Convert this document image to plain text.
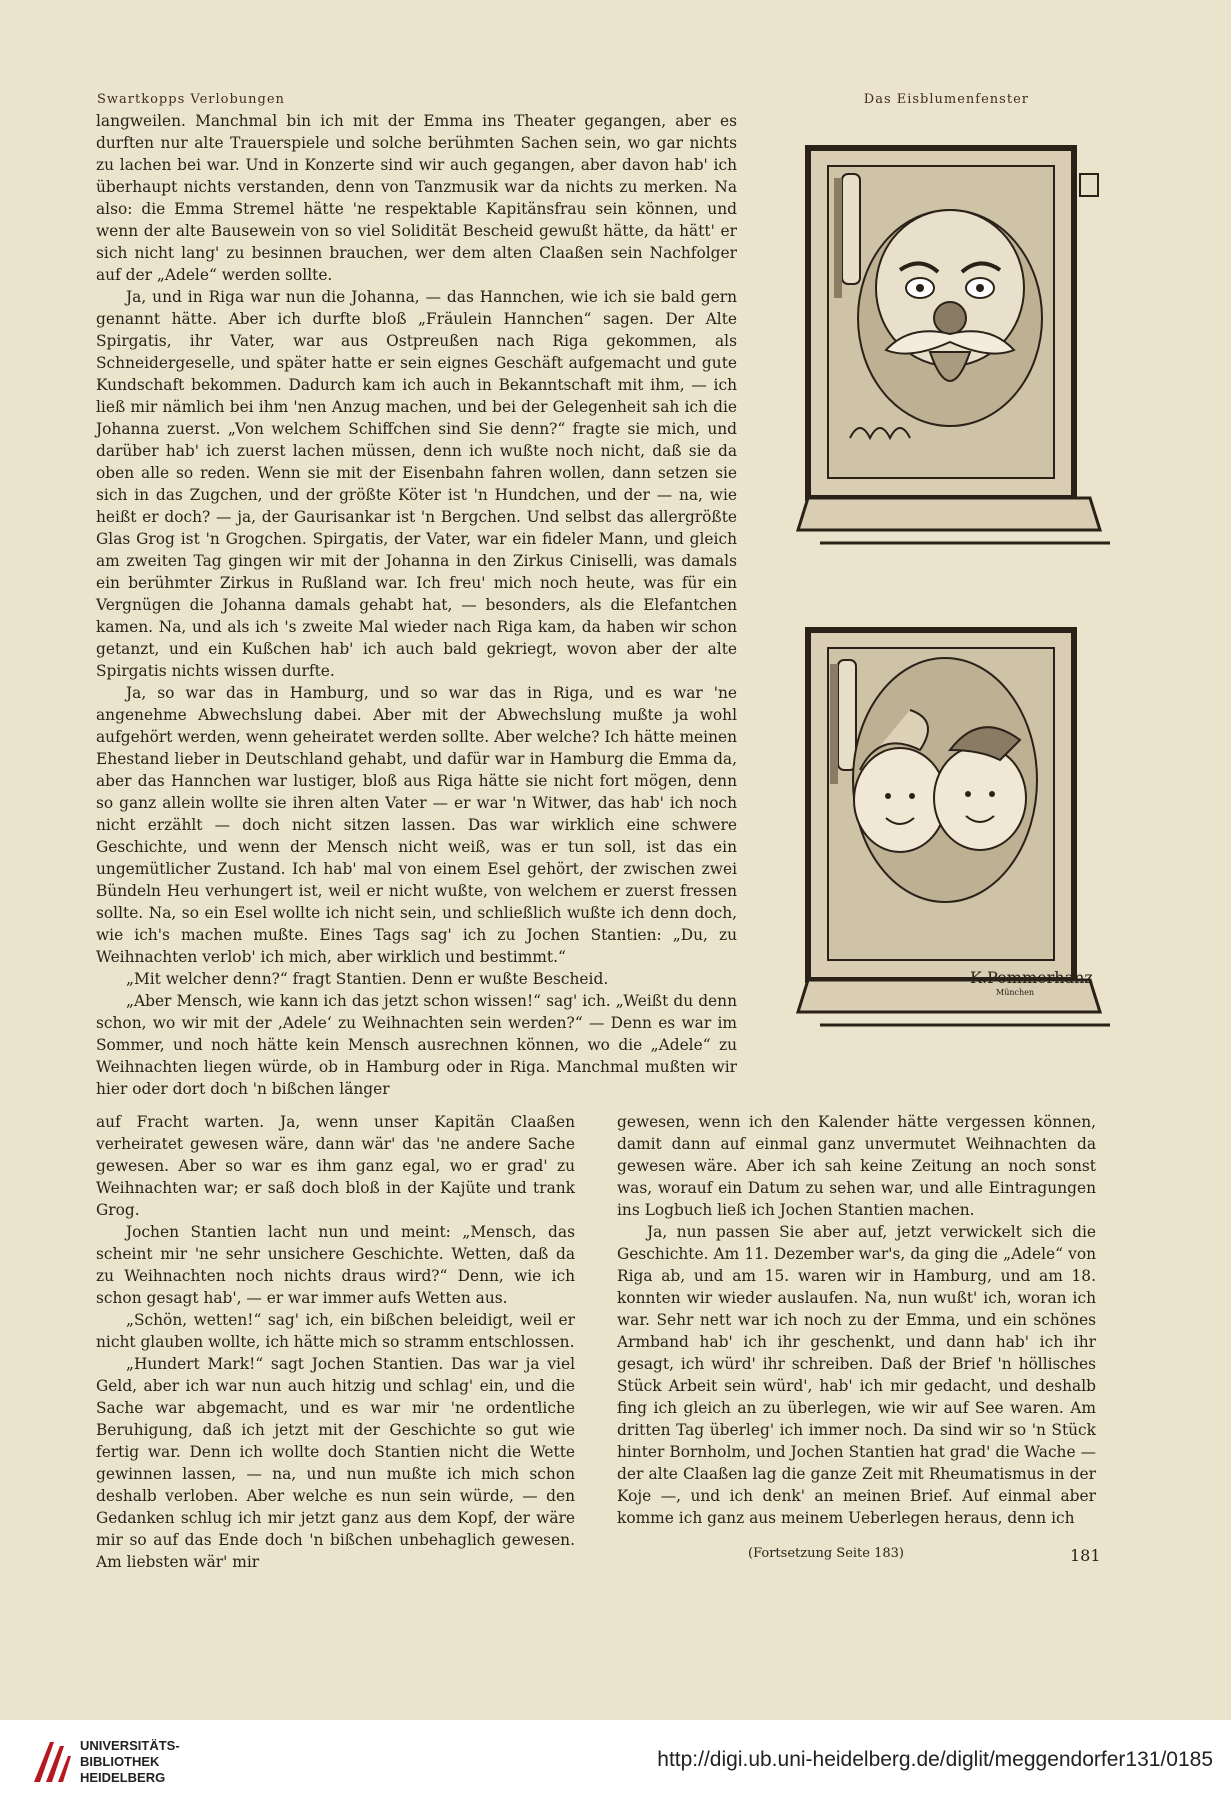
Swartkopps Verlobungen	Das Eisblumenfenster

langweilen. Manchmal bin ich mit der Emma ins Theater gegangen, aber es durften nur alte Trauerspiele und solche berühmten Sachen sein, wo gar nichts zu lachen bei war. Und in Konzerte sind wir auch gegangen, aber davon hab' ich überhaupt nichts verstanden, denn von Tanzmusik war da nichts zu merken. Na also: die Emma Stremel hätte 'ne respektable Kapitänsfrau sein können, und wenn der alte Bausewein von so viel Solidität Bescheid gewußt hätte, da hätt' er sich nicht lang' zu besinnen brauchen, wer dem alten Claaßen sein Nachfolger auf der „Adele“ werden sollte.

Ja, und in Riga war nun die Johanna, — das Hannchen, wie ich sie bald gern genannt hätte. Aber ich durfte bloß „Fräulein Hannchen“ sagen. Der Alte Spirgatis, ihr Vater, war aus Ostpreußen nach Riga gekommen, als Schneidergeselle, und später hatte er sein eignes Geschäft aufgemacht und gute Kundschaft bekommen. Dadurch kam ich auch in Bekanntschaft mit ihm, — ich ließ mir nämlich bei ihm 'nen Anzug machen, und bei der Gelegenheit sah ich die Johanna zuerst. „Von welchem Schiffchen sind Sie denn?“ fragte sie mich, und darüber hab' ich zuerst lachen müssen, denn ich wußte noch nicht, daß sie da oben alle so reden. Wenn sie mit der Eisenbahn fahren wollen, dann setzen sie sich in das Zugchen, und der größte Köter ist 'n Hundchen, und der — na, wie heißt er doch? — ja, der Gaurisankar ist 'n Bergchen. Und selbst das allergrößte Glas Grog ist 'n Grogchen. Spirgatis, der Vater, war ein fideler Mann, und gleich am zweiten Tag gingen wir mit der Johanna in den Zirkus Ciniselli, was damals ein berühmter Zirkus in Rußland war. Ich freu' mich noch heute, was für ein Vergnügen die Johanna damals gehabt hat, — besonders, als die Elefantchen kamen. Na, und als ich 's zweite Mal wieder nach Riga kam, da haben wir schon getanzt, und ein Kußchen hab' ich auch bald gekriegt, wovon aber der alte Spirgatis nichts wissen durfte.

Ja, so war das in Hamburg, und so war das in Riga, und es war 'ne angenehme Abwechslung dabei. Aber mit der Abwechslung mußte ja wohl aufgehört werden, wenn geheiratet werden sollte. Aber welche? Ich hätte meinen Ehestand lieber in Deutschland gehabt, und dafür war in Hamburg die Emma da, aber das Hannchen war lustiger, bloß aus Riga hätte sie nicht fort mögen, denn so ganz allein wollte sie ihren alten Vater — er war 'n Witwer, das hab' ich noch nicht erzählt — doch nicht sitzen lassen. Das war wirklich eine schwere Geschichte, und wenn der Mensch nicht weiß, was er tun soll, ist das ein ungemütlicher Zustand. Ich hab' mal von einem Esel gehört, der zwischen zwei Bündeln Heu verhungert ist, weil er nicht wußte, von welchem er zuerst fressen sollte. Na, so ein Esel wollte ich nicht sein, und schließlich wußte ich denn doch, wie ich's machen mußte. Eines Tags sag' ich zu Jochen Stantien: „Du, zu Weihnachten verlob' ich mich, aber wirklich und bestimmt.“

„Mit welcher denn?“ fragt Stantien. Denn er wußte Bescheid.

„Aber Mensch, wie kann ich das jetzt schon wissen!“ sag' ich. „Weißt du denn schon, wo wir mit der ‚Adele‘ zu Weihnachten sein werden?“ — Denn es war im Sommer, und noch hätte kein Mensch ausrechnen können, wo die „Adele“ zu Weihnachten liegen würde, ob in Hamburg oder in Riga. Manchmal mußten wir hier oder dort doch 'n bißchen länger

auf Fracht warten. Ja, wenn unser Kapitän Claaßen verheiratet gewesen wäre, dann wär' das 'ne andere Sache gewesen. Aber so war es ihm ganz egal, wo er grad' zu Weihnachten war; er saß doch bloß in der Kajüte und trank Grog.

Jochen Stantien lacht nun und meint: „Mensch, das scheint mir 'ne sehr unsichere Geschichte. Wetten, daß da zu Weihnachten noch nichts draus wird?“ Denn, wie ich schon gesagt hab', — er war immer aufs Wetten aus.

„Schön, wetten!“ sag' ich, ein bißchen beleidigt, weil er nicht glauben wollte, ich hätte mich so stramm entschlossen.

„Hundert Mark!“ sagt Jochen Stantien. Das war ja viel Geld, aber ich war nun auch hitzig und schlag' ein, und die Sache war abgemacht, und es war mir 'ne ordentliche Beruhigung, daß ich jetzt mit der Geschichte so gut wie fertig war. Denn ich wollte doch Stantien nicht die Wette gewinnen lassen, — na, und nun mußte ich mich schon deshalb verloben. Aber welche es nun sein würde, — den Gedanken schlug ich mir jetzt ganz aus dem Kopf, der wäre mir so auf das Ende doch 'n bißchen unbehaglich gewesen. Am liebsten wär' mir

gewesen, wenn ich den Kalender hätte vergessen können, damit dann auf einmal ganz unvermutet Weihnachten da gewesen wäre. Aber ich sah keine Zeitung an noch sonst was, worauf ein Datum zu sehen war, und alle Eintragungen ins Logbuch ließ ich Jochen Stantien machen.

Ja, nun passen Sie aber auf, jetzt verwickelt sich die Geschichte. Am 11. Dezember war's, da ging die „Adele“ von Riga ab, und am 15. waren wir in Hamburg, und am 18. konnten wir wieder auslaufen. Na, nun wußt' ich, woran ich war. Sehr nett war ich noch zu der Emma, und ein schönes Armband hab' ich ihr geschenkt, und dann hab' ich ihr gesagt, ich würd' ihr schreiben. Daß der Brief 'n höllisches Stück Arbeit sein würd', hab' ich mir gedacht, und deshalb fing ich gleich an zu überlegen, wie wir auf See waren. Am dritten Tag überleg' ich immer noch. Da sind wir so 'n Stück hinter Bornholm, und Jochen Stantien hat grad' die Wache — der alte Claaßen lag die ganze Zeit mit Rheumatismus in der Koje —, und ich denk' an meinen Brief. Auf einmal aber komme ich ganz aus meinem Ueberlegen heraus, denn ich

(Fortsetzung Seite 183)	181
K.Pommerhanz
München
UNIVERSITÄTS-
BIBLIOTHEK
HEIDELBERG
http://digi.ub.uni-heidelberg.de/diglit/meggendorfer131/0185
